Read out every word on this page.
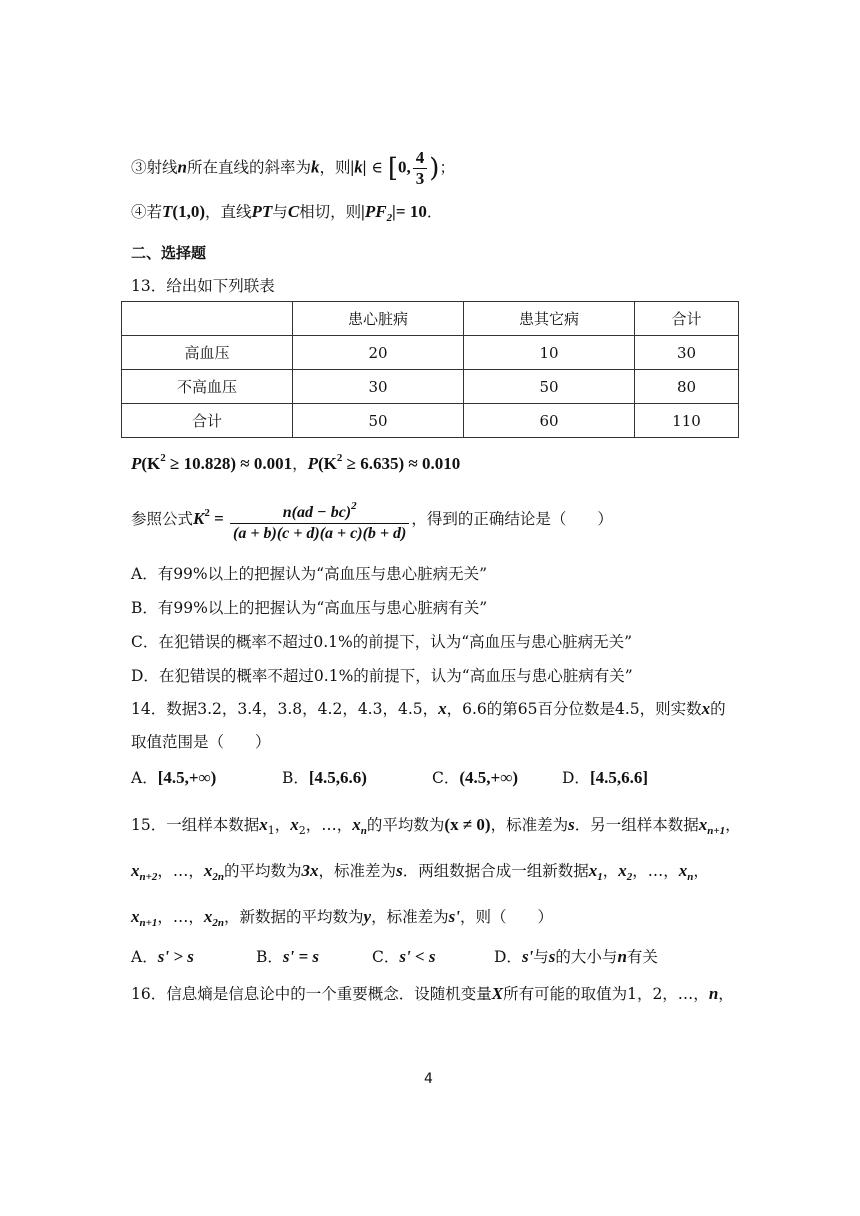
③射线n所在直线的斜率为k，则|k| ∈ [0, $\frac{4}{3}$ )；
④若T(1,0)，直线PT与C相切，则$|PF_2|= 10$．
二、选择题
13．给出如下列联表
	患心脏病	患其它病	合计
高血压	20	10	30
不高血压	30	50	80
合计	50	60	110
$P(K^2 \ge 10.828) \approx 0.001$，$P(K^2 \ge 6.635) \approx 0.010$
参照公式$K^2 = \frac{n(ad - bc)^2}{(a + b)(c + d)(a + c)(b + d)}$ ，得到的正确结论是（　　）
A．有99%以上的把握认为“高血压与患心脏病无关”
B．有99%以上的把握认为“高血压与患心脏病有关”
C．在犯错误的概率不超过0.1%的前提下，认为“高血压与患心脏病无关”
D．在犯错误的概率不超过0.1%的前提下，认为“高血压与患心脏病有关”
14．数据3.2，3.4，3.8，4.2，4.3，4.5，x，6.6的第65百分位数是4.5，则实数x的
取值范围是（　　）
A．[4.5,+∞)	B．[4.5,6.6)	C．(4.5,+∞)	D．[4.5,6.6]
15．一组样本数据$x_1$，$x_2$，…，$x_n$的平均数为(x ≠ 0)，标准差为s．另一组样本数据$x_{n+1}$，
$x_{n+2}$，…，$x_{2n}$的平均数为3x，标准差为s．两组数据合成一组新数据$x_1$，$x_2$，…，$x_n$，
$x_{n+1}$，…，$x_{2n}$，新数据的平均数为y，标准差为s'，则（　　）
A．s' > s	B．s' = s	C．s' < s	D．s'与s的大小与n有关
16．信息熵是信息论中的一个重要概念．设随机变量X所有可能的取值为1，2，…，n，
4
